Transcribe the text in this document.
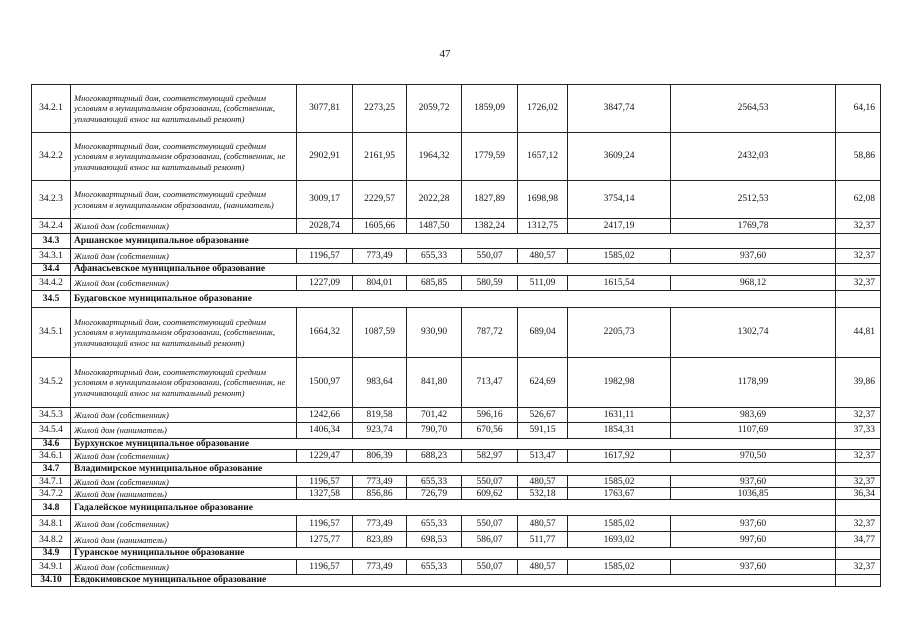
47
34.2.1	Многоквартирный дом, соответствующий средним условиям в муниципальном образовании, (собственник, уплачивающий взнос на капитальный ремонт)	3077,81	2273,25	2059,72	1859,09	1726,02	3847,74	2564,53	64,16
34.2.2	Многоквартирный дом, соответствующий средним условиям в муниципальном образовании, (собственник, не уплачивающий взнос на капитальный ремонт)	2902,91	2161,95	1964,32	1779,59	1657,12	3609,24	2432,03	58,86
34.2.3	Многоквартирный дом, соответствующий средним условиям в муниципальном образовании, (наниматель)	3009,17	2229,57	2022,28	1827,89	1698,98	3754,14	2512,53	62,08
34.2.4	Жилой дом (собственник)	2028,74	1605,66	1487,50	1382,24	1312,75	2417,19	1769,78	32,37
34.3	Аршанское муниципальное образование								
34.3.1	Жилой дом (собственник)	1196,57	773,49	655,33	550,07	480,57	1585,02	937,60	32,37
34.4	Афанасьевское муниципальное образование								
34.4.2	Жилой дом (собственник)	1227,09	804,01	685,85	580,59	511,09	1615,54	968,12	32,37
34.5	Будаговское муниципальное образование								
34.5.1	Многоквартирный дом, соответствующий средним условиям в муниципальном образовании, (собственник, уплачивающий взнос на капитальный ремонт)	1664,32	1087,59	930,90	787,72	689,04	2205,73	1302,74	44,81
34.5.2	Многоквартирный дом, соответствующий средним условиям в муниципальном образовании, (собственник, не уплачивающий взнос на капитальный ремонт)	1500,97	983,64	841,80	713,47	624,69	1982,98	1178,99	39,86
34.5.3	Жилой дом (собственник)	1242,66	819,58	701,42	596,16	526,67	1631,11	983,69	32,37
34.5.4	Жилой дом (наниматель)	1406,34	923,74	790,70	670,56	591,15	1854,31	1107,69	37,33
34.6	Бурхунское муниципальное образование								
34.6.1	Жилой дом (собственник)	1229,47	806,39	688,23	582,97	513,47	1617,92	970,50	32,37
34.7	Владимирское муниципальное образование								
34.7.1	Жилой дом (собственник)	1196,57	773,49	655,33	550,07	480,57	1585,02	937,60	32,37
34.7.2	Жилой дом (наниматель)	1327,58	856,86	726,79	609,62	532,18	1763,67	1036,85	36,34
34.8	Гадалейское муниципальное образование								
34.8.1	Жилой дом (собственник)	1196,57	773,49	655,33	550,07	480,57	1585,02	937,60	32,37
34.8.2	Жилой дом (наниматель)	1275,77	823,89	698,53	586,07	511,77	1693,02	997,60	34,77
34.9	Гуранское муниципальное образование								
34.9.1	Жилой дом (собственник)	1196,57	773,49	655,33	550,07	480,57	1585,02	937,60	32,37
34.10	Евдокимовское муниципальное образование								
